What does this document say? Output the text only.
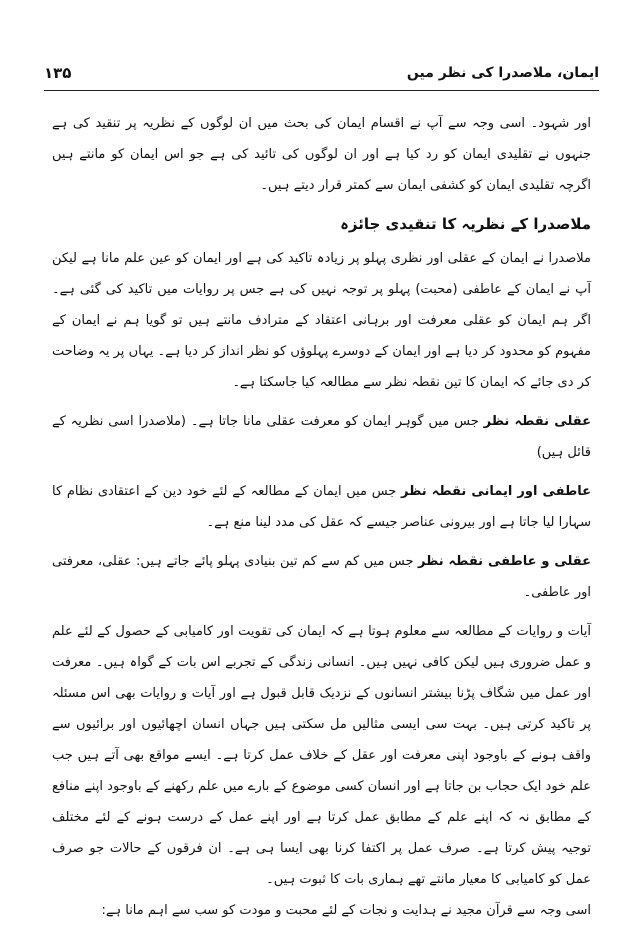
ایمان، ملاصدرا کی نظر میں
۱۳۵

اور شہود۔ اسی وجہ سے آپ نے اقسام ایمان کی بحث میں ان لوگوں کے نظریہ پر تنقید کی ہے جنہوں نے تقلیدی ایمان کو رد کیا ہے اور ان لوگوں کی تائید کی ہے جو اس ایمان کو مانتے ہیں اگرچہ تقلیدی ایمان کو کشفی ایمان سے کمتر قرار دیتے ہیں۔

ملاصدرا کے نظریہ کا تنقیدی جائزہ

ملاصدرا نے ایمان کے عقلی اور نظری پہلو پر زیادہ تاکید کی ہے اور ایمان کو عین علم مانا ہے لیکن آپ نے ایمان کے عاطفی (محبت) پہلو پر توجہ نہیں کی ہے جس پر روایات میں تاکید کی گئی ہے۔ اگر ہم ایمان کو عقلی معرفت اور برہانی اعتقاد کے مترادف مانتے ہیں تو گویا ہم نے ایمان کے مفہوم کو محدود کر دیا ہے اور ایمان کے دوسرے پہلوؤں کو نظر انداز کر دیا ہے۔ یہاں پر یہ وضاحت کر دی جائے کہ ایمان کا تین نقطہ نظر سے مطالعہ کیا جاسکتا ہے۔

عقلی نقطہ نظر جس میں گوہر ایمان کو معرفت عقلی مانا جاتا ہے۔ (ملاصدرا اسی نظریہ کے قائل ہیں)

عاطفی اور ایمانی نقطہ نظر جس میں ایمان کے مطالعہ کے لئے خود دین کے اعتقادی نظام کا سہارا لیا جاتا ہے اور بیرونی عناصر جیسے کہ عقل کی مدد لینا منع ہے۔

عقلی و عاطفی نقطہ نظر جس میں کم سے کم تین بنیادی پہلو پائے جاتے ہیں: عقلی، معرفتی اور عاطفی۔

آیات و روایات کے مطالعہ سے معلوم ہوتا ہے کہ ایمان کی تقویت اور کامیابی کے حصول کے لئے علم و عمل ضروری ہیں لیکن کافی نہیں ہیں۔ انسانی زندگی کے تجربے اس بات کے گواہ ہیں۔ معرفت اور عمل میں شگاف پڑنا بیشتر انسانوں کے نزدیک قابل قبول ہے اور آیات و روایات بھی اس مسئلہ پر تاکید کرتی ہیں۔ بہت سی ایسی مثالیں مل سکتی ہیں جہاں انسان اچھائیوں اور برائیوں سے واقف ہونے کے باوجود اپنی معرفت اور عقل کے خلاف عمل کرتا ہے۔ ایسے مواقع بھی آتے ہیں جب علم خود ایک حجاب بن جاتا ہے اور انسان کسی موضوع کے بارے میں علم رکھنے کے باوجود اپنے منافع کے مطابق نہ کہ اپنے علم کے مطابق عمل کرتا ہے اور اپنے عمل کے درست ہونے کے لئے مختلف توجیہ پیش کرتا ہے۔ صرف عمل پر اکتفا کرنا بھی ایسا ہی ہے۔ ان فرقوں کے حالات جو صرف عمل کو کامیابی کا معیار مانتے تھے ہماری بات کا ثبوت ہیں۔

اسی وجہ سے قرآن مجید نے ہدایت و نجات کے لئے محبت و مودت کو سب سے اہم مانا ہے:
